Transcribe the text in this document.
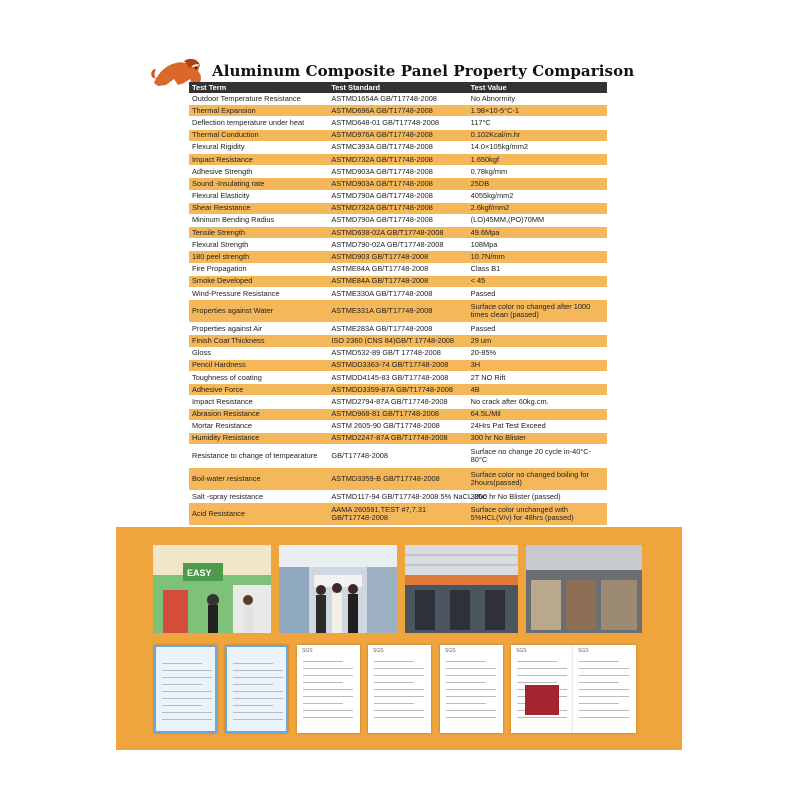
Aluminum Composite Panel Property Comparison
Test Term	Test Standard	Test Value
Outdoor Temperature Resistance	ASTMD1654A GB/T17748-2008	No Abnormity
Thermal Expansion	ASTMD696A GB/T17748-2008	1.98×10-5°C-1
Deflection temperature under heat	ASTMD648-01 GB/T17748-2008	117°C
Thermal Conduction	ASTMD976A GB/T17748-2008	0.102Kcal/m.hr
Flexural Rigidity	ASTMC393A GB/T17748-2008	14.0×105kg/mm2
Impact Resistance	ASTMD732A GB/T17748-2008	1.650kgf
Adhesive Strength	ASTMD903A GB/T17748-2008	0.78kg/mm
Sound -Insulating rate	ASTMD903A GB/T17748-2008	25DB
Flexural Elasticity	ASTMD790A GB/T17748-2008	4055kg/mm2
Shear Resistance	ASTMD732A GB/T17748-2008	2.6kgf/mm2
Mininum Bending Radius	ASTMD790A GB/T17748-2008	(LO)45MM,(PO)70MM
Tensile Strength	ASTMD638-02A GB/T17748-2008	49.6Mpa
Flexural Strength	ASTMD790-02A GB/T17748-2008	108Mpa
180 peel strength	ASTMD903 GB/T17748-2008	10.7N/mm
Fire Propagation	ASTME84A GB/T17748-2008	Class B1
Smoke Developed	ASTME84A GB/T17748-2008	< 45
Wind-Pressure Resistance	ASTME330A GB/T17748-2008	Passed
Properties against Water	ASTME331A GB/T17748-2008	Surface color no changed after 1000 times clean (passed)
Properties against Air	ASTME283A GB/T17748-2008	Passed
Finish Coat Thickness	ISO 2360 (CNS 84)GB/T 17748-2008	29 um
Gloss	ASTMD532-89 GB/T 17748-2008	20-85%
Pencil Hardness	ASTMDD3363-74 GB/T17748-2008	3H
Toughness of coating	ASTMDD4145-83 GB/T17748-2008	2T NO Rift
Adhesive Force	ASTMDD3359-87A GB/T17748-2008	4B
Impact Resistance	ASTMD2794-87A GB/T17748-2008	No crack after 60kg.cm.
Abrasion Resistance	ASTMD968-81 GB/T17748-2008	64.5L/Mil
Mortar Resistance	ASTM 2605-90 GB/T17748-2008	24Hrs Pat Test Exceed
Humidity Resistance	ASTMD2247-87A GB/T17748-2008	300 hr No Blister
Resistance to change of tempearature	GB/T17748-2008	Surface no change 20 cycle in-40°C-80°C
Boil-water resistance	ASTMD3359-B GB/T17748-2008	Surface color no changed boiling for 2hours(passed)
Salt -spray resistance	ASTMD117-94 GB/T17748-2008 5% NaCL,35c	3000 hr No Blister (passed)
Acid Resistance	AAMA 260591,TEST #7,7.31 GB/T17748-2008	Surface color unchanged with 5%HCL(V/v) for 48hrs (passed)

EASY
SGS	SGS	SGS	SGS	SGS
